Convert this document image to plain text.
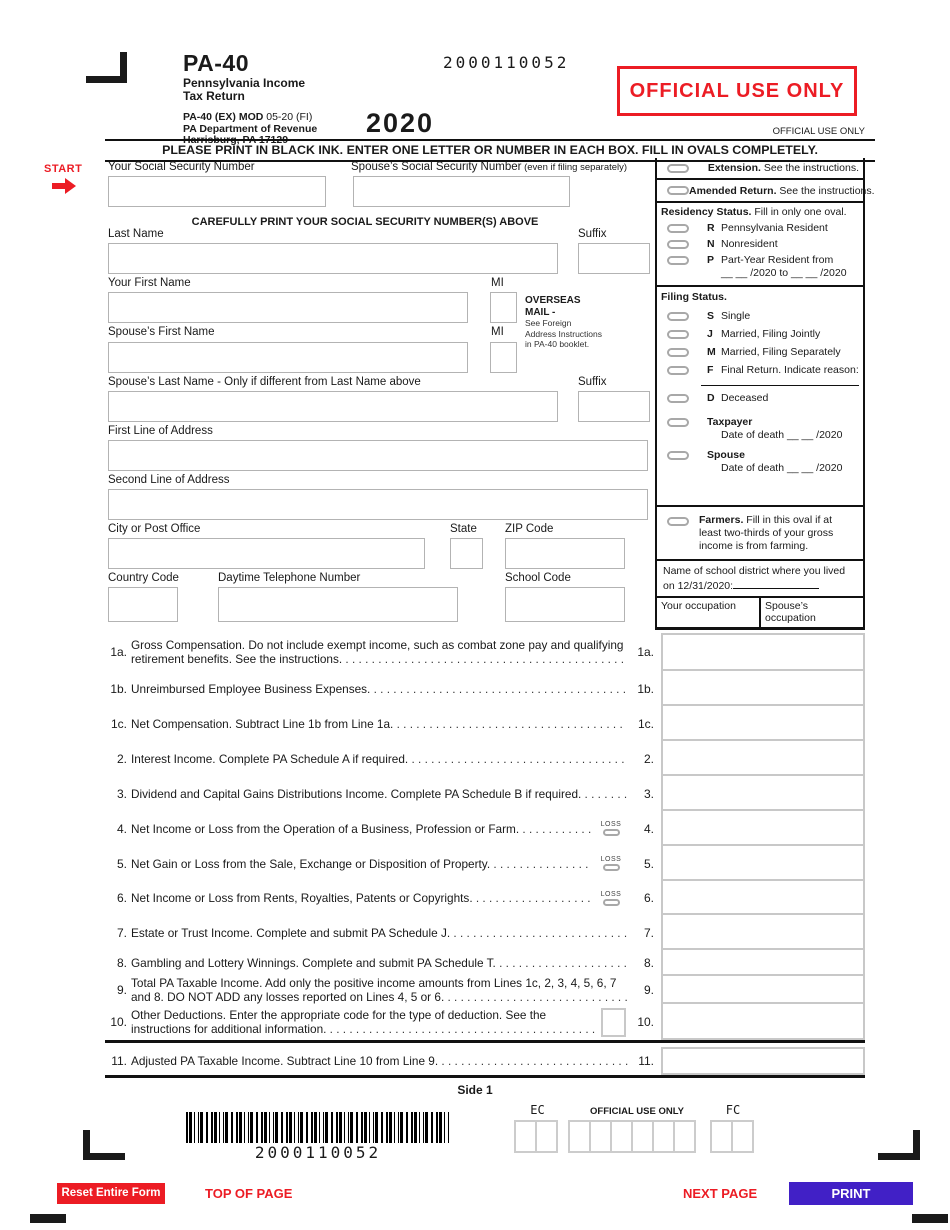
PA-40
Pennsylvania Income
Tax Return
PA-40 (EX) MOD 05-20 (FI)
PA Department of Revenue
Harrisburg, PA 17129
2000110052
2020
OFFICIAL USE ONLY
OFFICIAL USE ONLY
PLEASE PRINT IN BLACK INK. ENTER ONE LETTER OR NUMBER IN EACH BOX. FILL IN OVALS COMPLETELY.
START Your Social Security Number	Spouse’s Social Security Number (even if filing separately)
CAREFULLY PRINT YOUR SOCIAL SECURITY NUMBER(S) ABOVE
Last Name	Suffix
Your First Name	MI
OVERSEAS
MAIL -
See Foreign
Address Instructions
in PA-40 booklet.
Spouse’s First Name	MI
Spouse’s Last Name - Only if different from Last Name above	Suffix
First Line of Address
Second Line of Address
City or Post Office	State ZIP Code
Country Code	Daytime Telephone Number	School Code
Extension. See the instructions.
Amended Return. See the instructions.
Residency Status. Fill in only one oval.
R Pennsylvania Resident
N Nonresident
P Part-Year Resident from
__ __ /2020 to __ __ /2020
Filing Status.
S Single
J Married, Filing Jointly
M Married, Filing Separately
F Final Return. Indicate reason:
D Deceased
Taxpayer
Date of death __ __ /2020
Spouse
Date of death __ __ /2020
Farmers. Fill in this oval if at least two-thirds of your gross income is from farming.
Name of school district where you lived
on 12/31/2020:
Your occupation	Spouse’s occupation
1a. Gross Compensation. Do not include exempt income, such as combat zone pay and qualifying retirement benefits. See the instructions. . . .	1a.
1b. Unreimbursed Employee Business Expenses. . . .	1b.
1c. Net Compensation. Subtract Line 1b from Line 1a. . . .	1c.
2. Interest Income. Complete PA Schedule A if required. . . .	2.
3. Dividend and Capital Gains Distributions Income. Complete PA Schedule B if required. . . .	3.
4. Net Income or Loss from the Operation of a Business, Profession or Farm. . . .	LOSS	4.
5. Net Gain or Loss from the Sale, Exchange or Disposition of Property. . . .	LOSS	5.
6. Net Income or Loss from Rents, Royalties, Patents or Copyrights. . . .	LOSS	6.
7. Estate or Trust Income. Complete and submit PA Schedule J. . . .	7.
8. Gambling and Lottery Winnings. Complete and submit PA Schedule T. . . .	8.
9. Total PA Taxable Income. Add only the positive income amounts from Lines 1c, 2, 3, 4, 5, 6, 7 and 8. DO NOT ADD any losses reported on Lines 4, 5 or 6. . . .	9.
10. Other Deductions. Enter the appropriate code for the type of deduction. See the instructions for additional information. . . .	10.
11. Adjusted PA Taxable Income. Subtract Line 10 from Line 9. . . .	11.
Side 1
2000110052
EC	OFFICIAL USE ONLY	FC
Reset Entire Form	TOP OF PAGE	NEXT PAGE	PRINT
